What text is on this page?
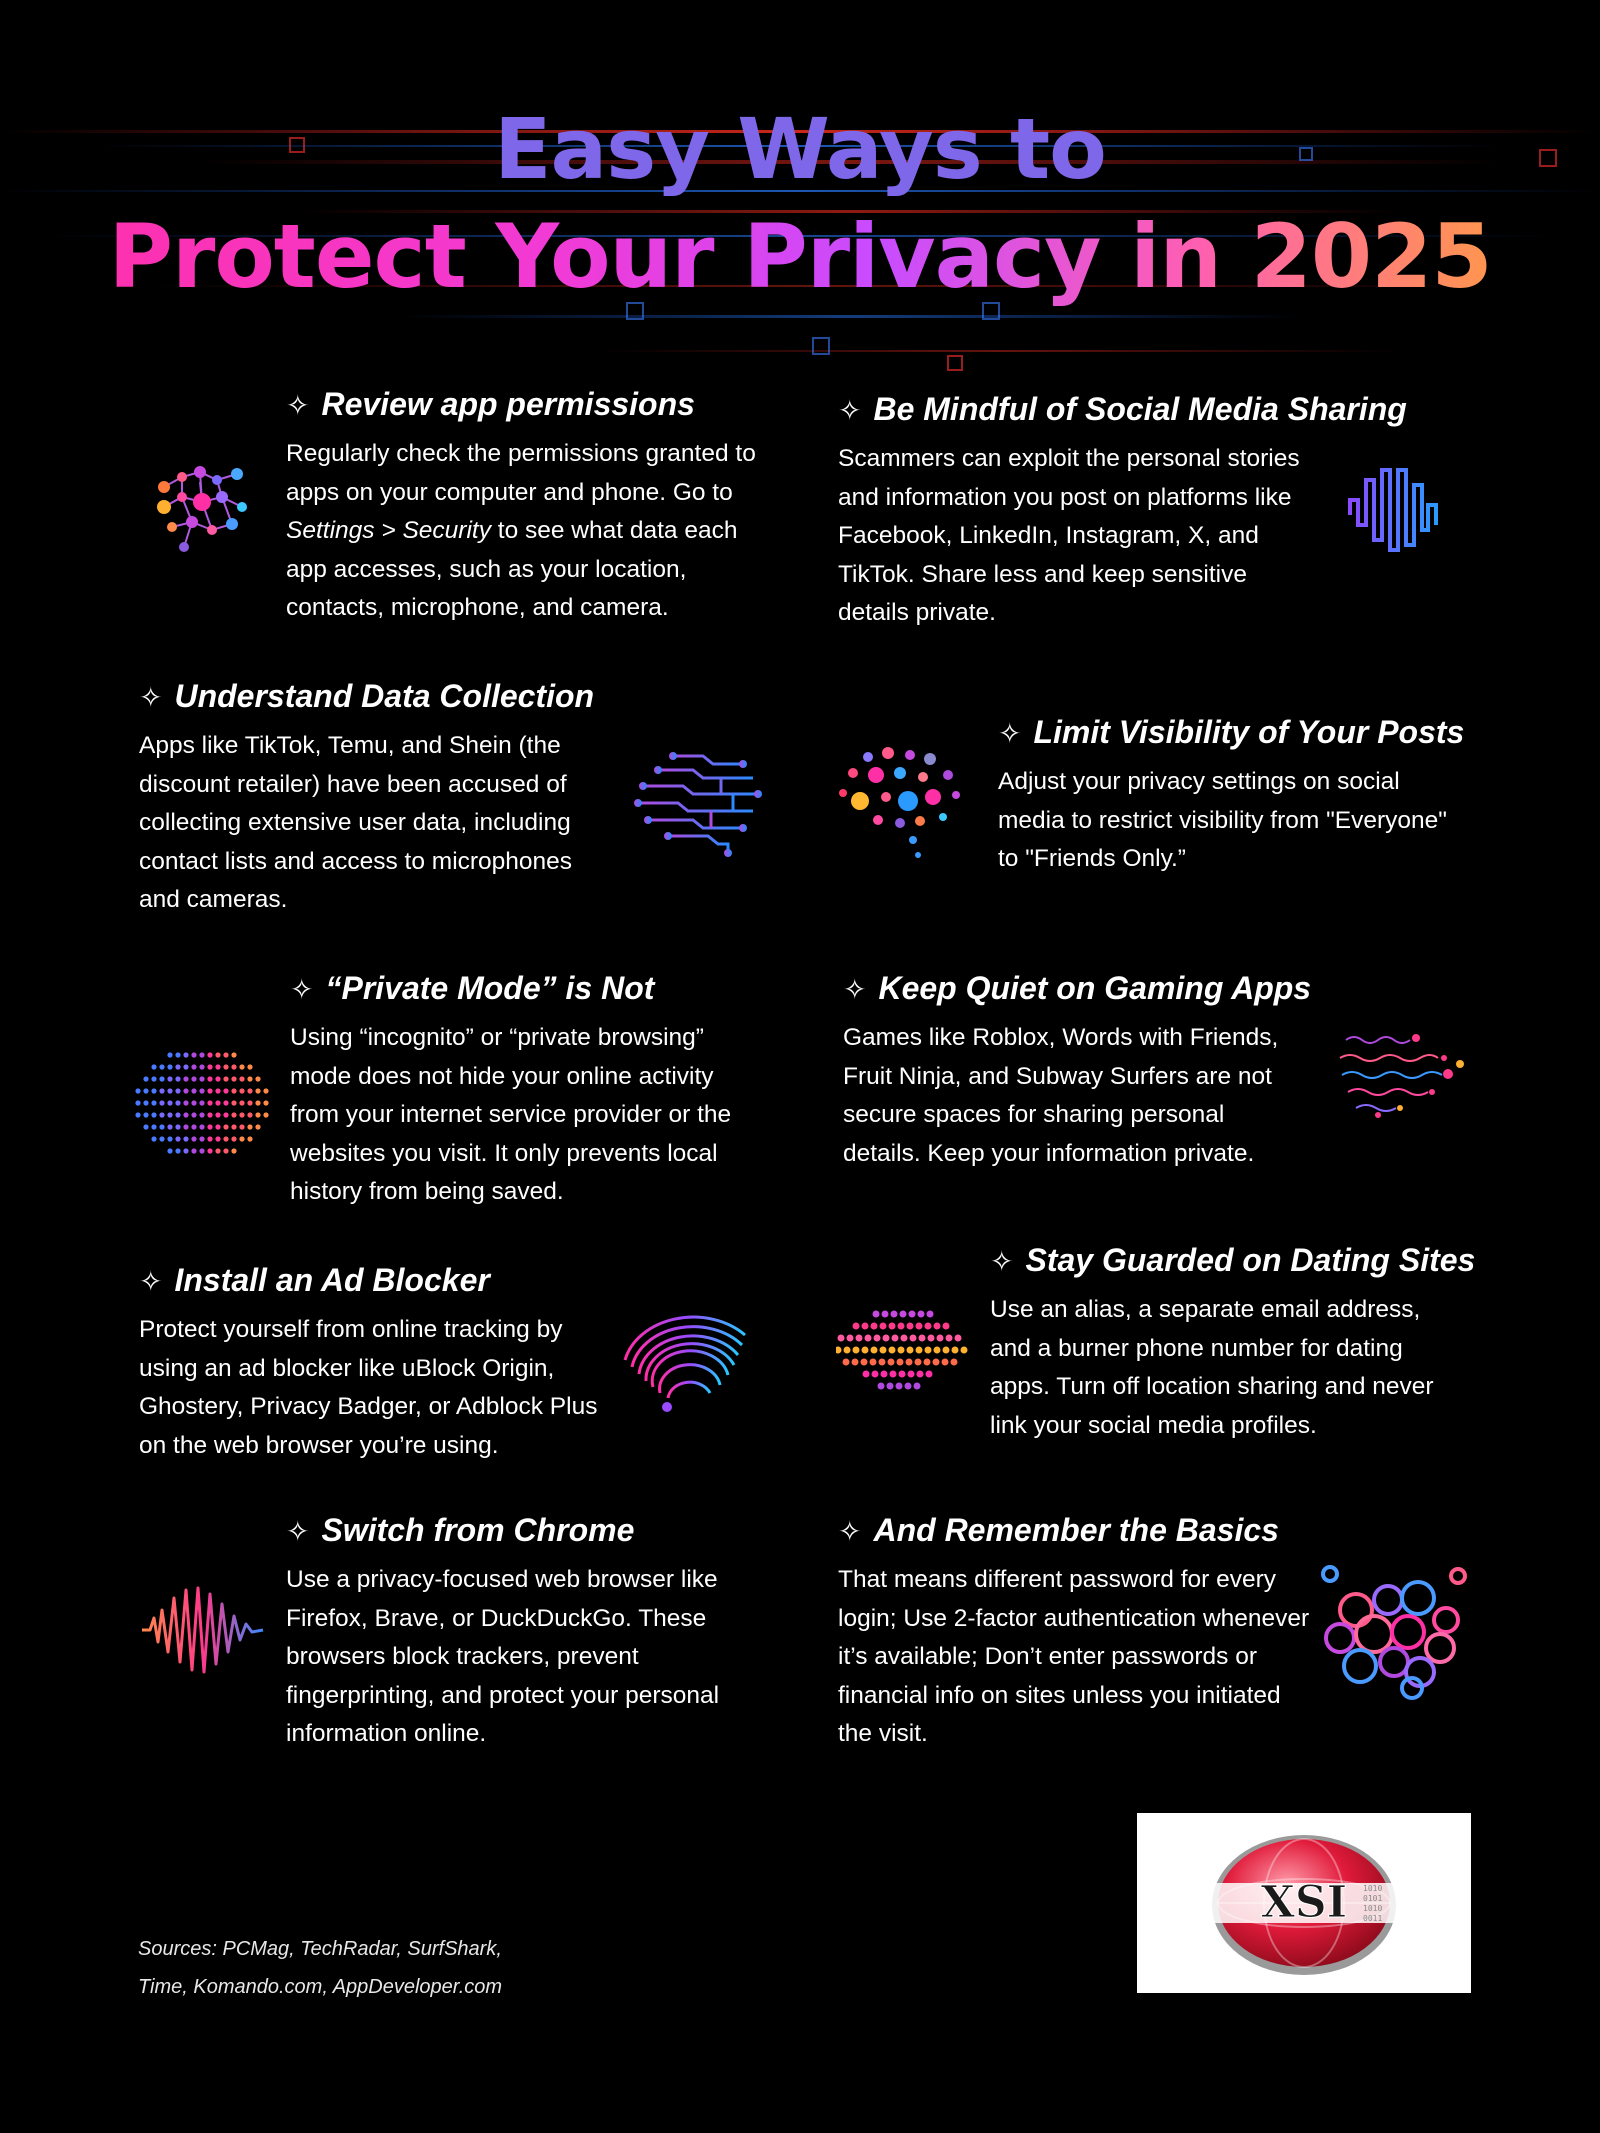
Easy Ways to
Protect Your Privacy in 2025
✧ Review app permissions

Regularly check the permissions granted to apps on your computer and phone. Go to Settings > Security to see what data each app accesses, such as your location, contacts, microphone, and camera.

✧ Be Mindful of Social Media Sharing

Scammers can exploit the personal stories and information you post on platforms like Facebook, LinkedIn, Instagram, X, and TikTok. Share less and keep sensitive details private.

✧ Understand Data Collection

Apps like TikTok, Temu, and Shein (the discount retailer) have been accused of collecting extensive user data, including contact lists and access to microphones and cameras.

✧ Limit Visibility of Your Posts

Adjust your privacy settings on social media to restrict visibility from "Everyone" to "Friends Only.”

✧ “Private Mode” is Not

Using “incognito” or “private browsing” mode does not hide your online activity from your internet service provider or the websites you visit. It only prevents local history from being saved.

✧ Keep Quiet on Gaming Apps

Games like Roblox, Words with Friends, Fruit Ninja, and Subway Surfers are not secure spaces for sharing personal details. Keep your information private.

✧ Install an Ad Blocker

Protect yourself from online tracking by using an ad blocker like uBlock Origin, Ghostery, Privacy Badger, or Adblock Plus on the web browser you’re using.

✧ Stay Guarded on Dating Sites

Use an alias, a separate email address, and a burner phone number for dating apps. Turn off location sharing and never link your social media profiles.

✧ Switch from Chrome

Use a privacy-focused web browser like Firefox, Brave, or DuckDuckGo. These browsers block trackers, prevent fingerprinting, and protect your personal information online.

✧ And Remember the Basics

That means different password for every login; Use 2-factor authentication whenever it’s available; Don’t enter passwords or financial info on sites unless you initiated the visit.

Sources: PCMag, TechRadar, SurfShark,
Time, Komando.com, AppDeveloper.com
XSI 1010
0101
1010
0011
